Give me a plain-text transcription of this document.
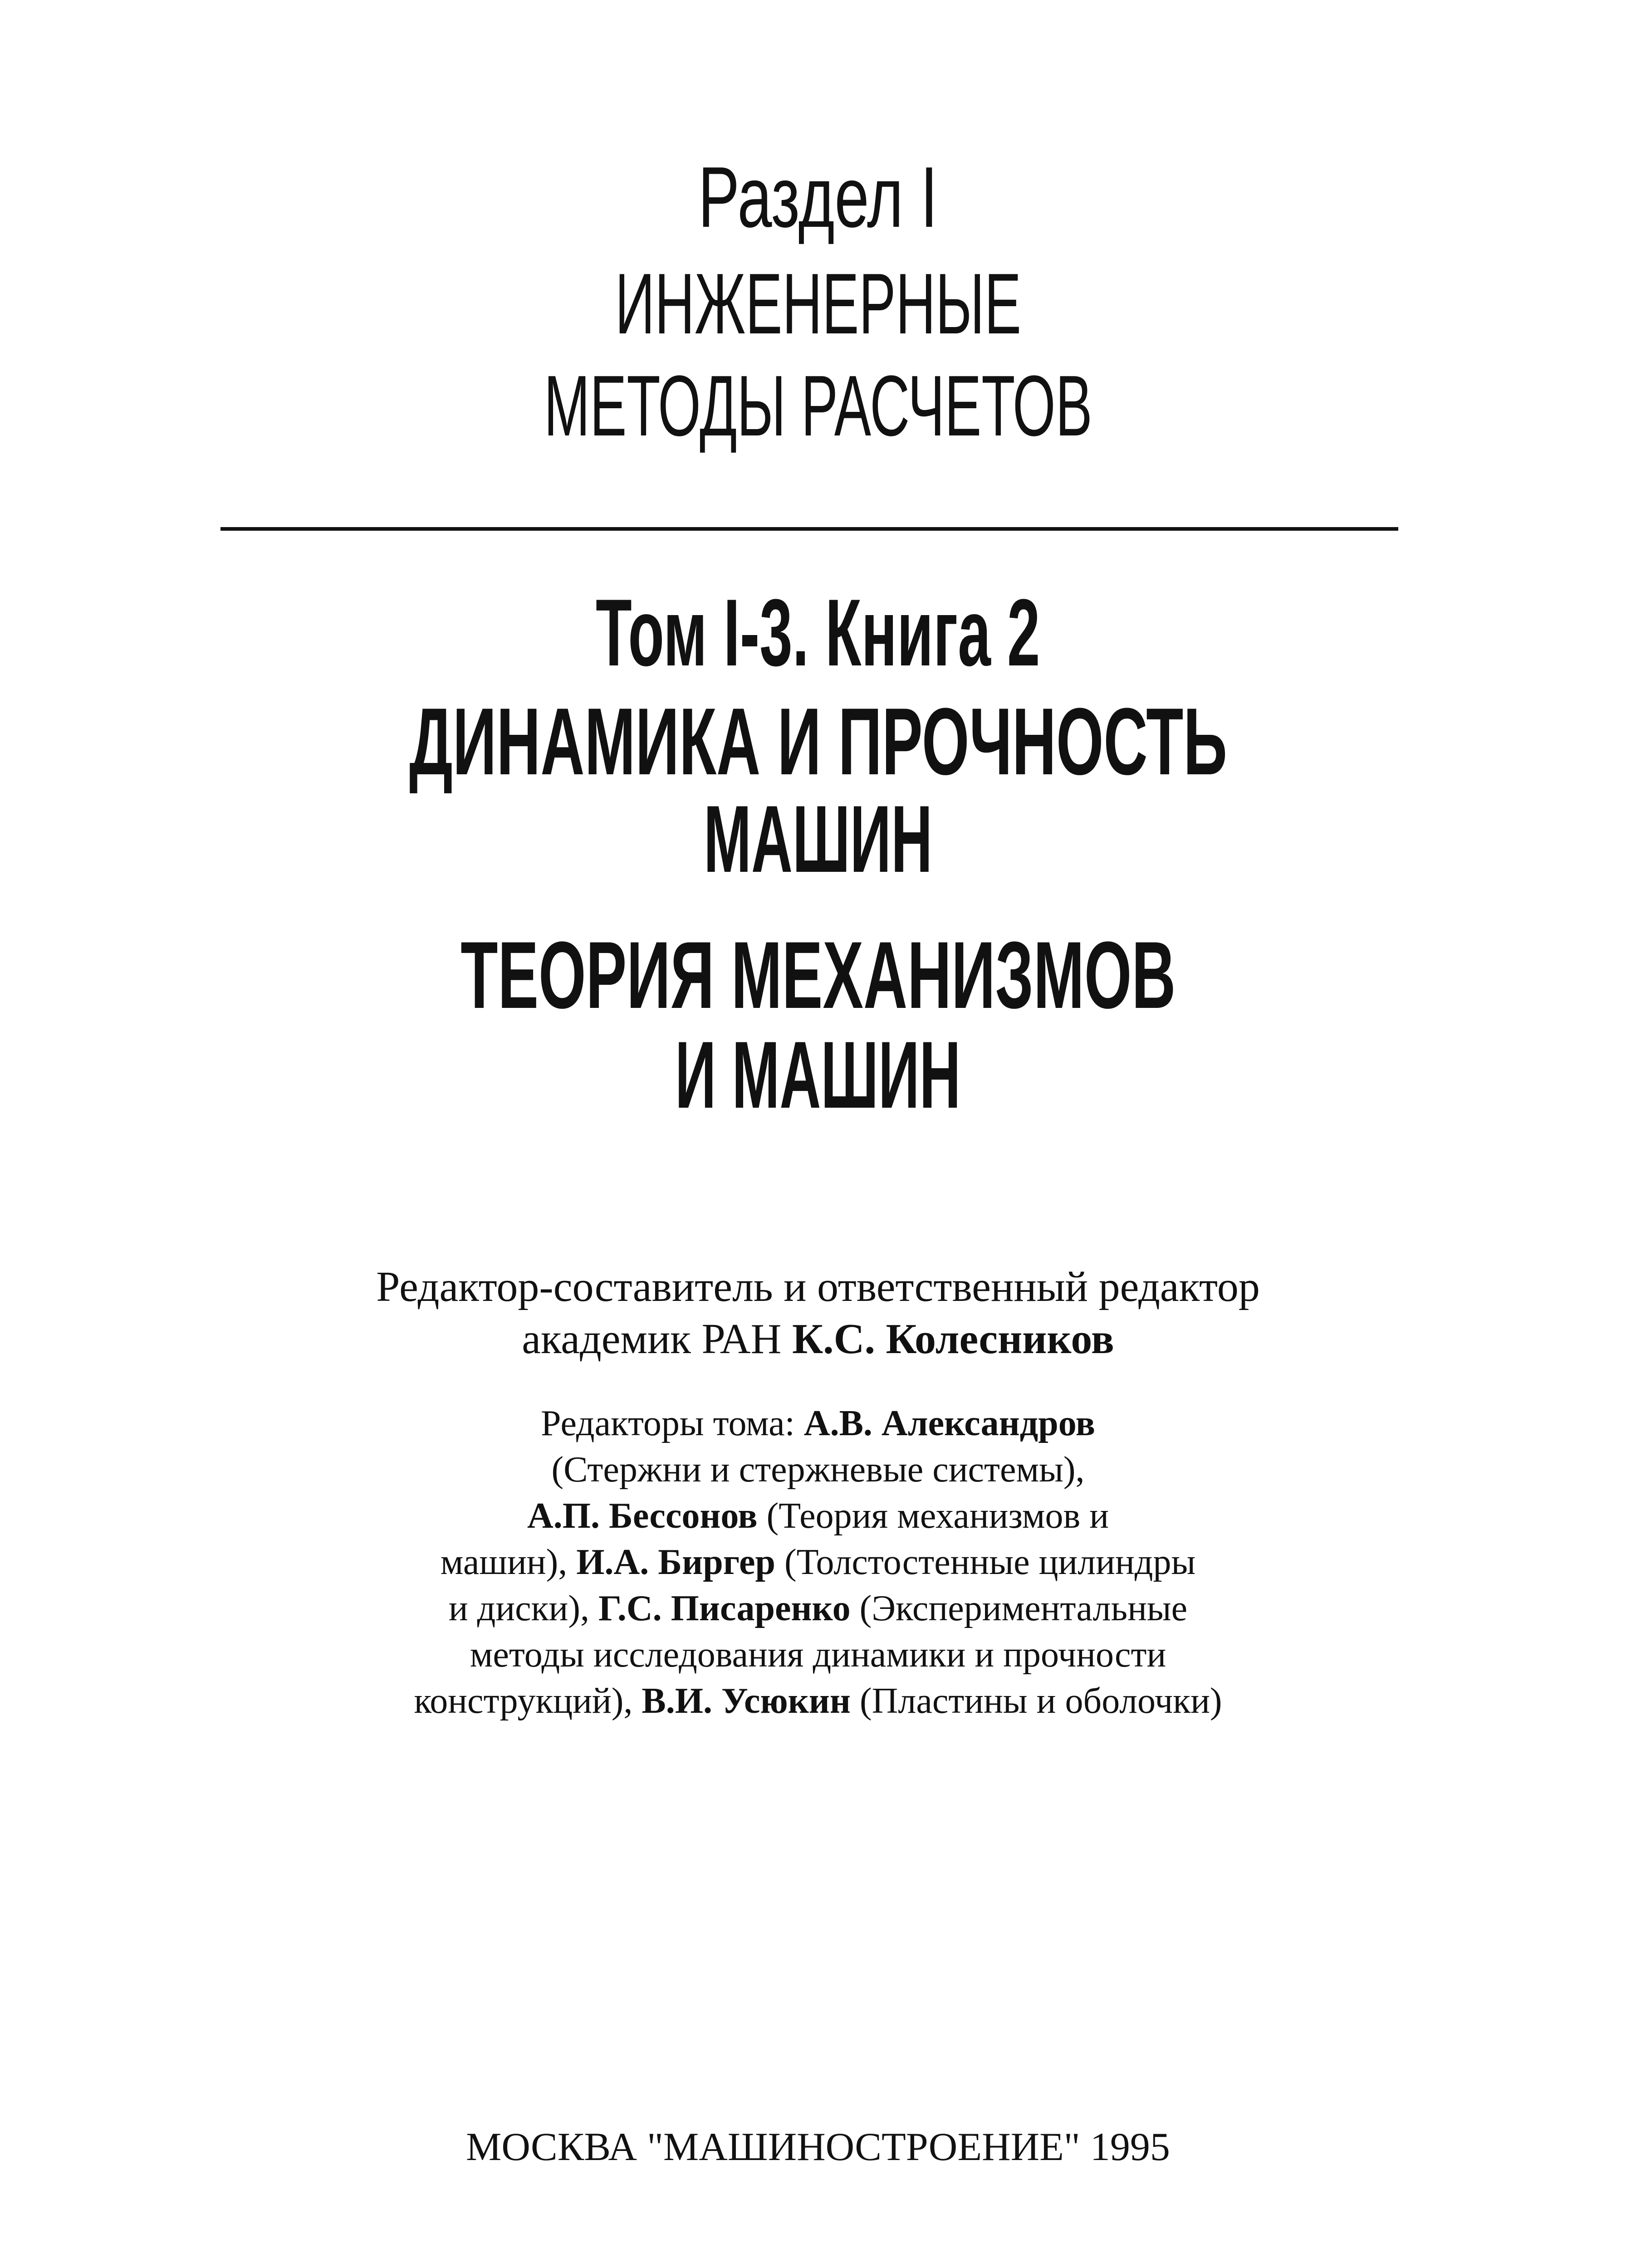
Раздел I
ИНЖЕНЕРНЫЕ
МЕТОДЫ РАСЧЕТОВ
Том I-3. Книга 2
ДИНАМИКА И ПРОЧНОСТЬ
МАШИН
ТЕОРИЯ МЕХАНИЗМОВ
И МАШИН
Редактор-составитель и ответственный редактор
академик РАН К.С. Колесников
Редакторы тома: А.В. Александров
(Стержни и стержневые системы),
А.П. Бессонов (Теория механизмов и
машин), И.А. Биргер (Толстостенные цилиндры
и диски), Г.С. Писаренко (Экспериментальные
методы исследования динамики и прочности
конструкций), В.И. Усюкин (Пластины и оболочки)
МОСКВА "МАШИНОСТРОЕНИЕ" 1995
